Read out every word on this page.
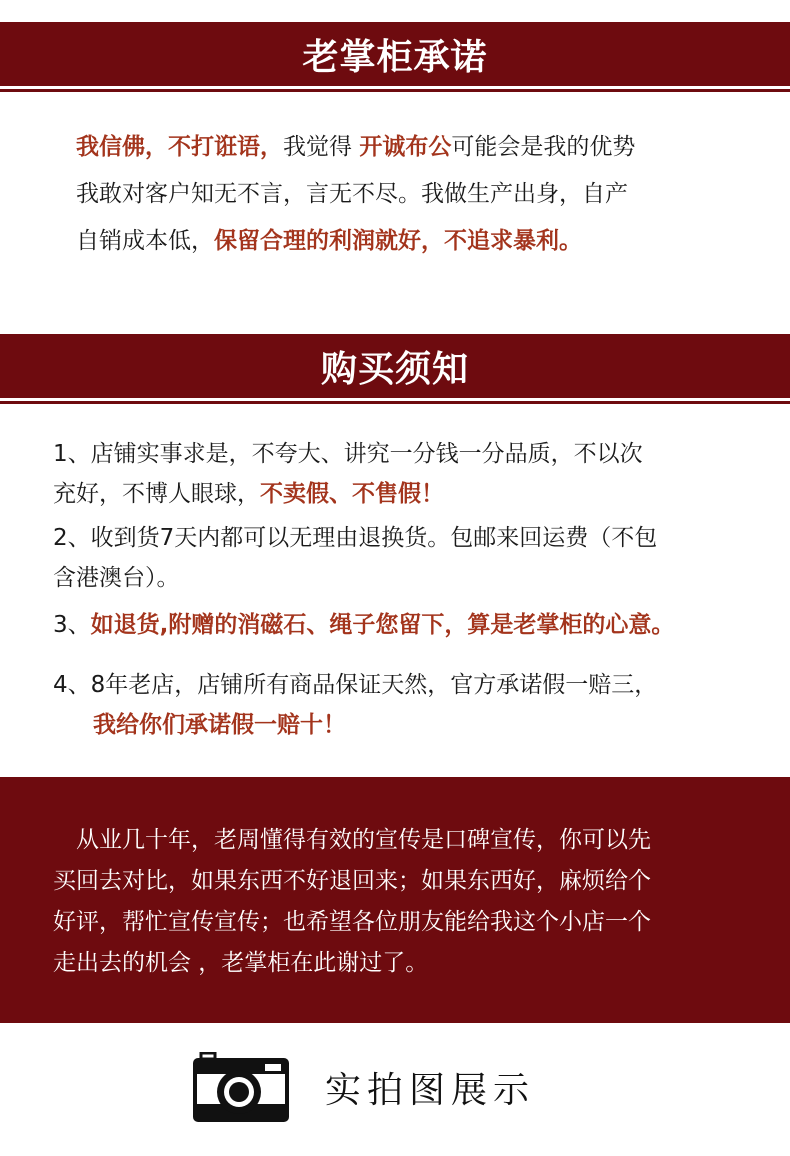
老掌柜承诺
我信佛，不打诳语，我觉得 开诚布公可能会是我的优势
我敢对客户知无不言，言无不尽。我做生产出身，自产
自销成本低，保留合理的利润就好，不追求暴利。
购买须知
1、店铺实事求是，不夸大、讲究一分钱一分品质，不以次
充好，不博人眼球，不卖假、不售假！
2、收到货7天内都可以无理由退换货。包邮来回运费（不包
含港澳台）。
3、如退货,附赠的消磁石、绳子您留下，算是老掌柜的心意。
4、8年老店，店铺所有商品保证天然，官方承诺假一赔三，
我给你们承诺假一赔十！
从业几十年，老周懂得有效的宣传是口碑宣传，你可以先
买回去对比，如果东西不好退回来；如果东西好，麻烦给个
好评，帮忙宣传宣传；也希望各位朋友能给我这个小店一个
走出去的机会 ，老掌柜在此谢过了。
实拍图展示
